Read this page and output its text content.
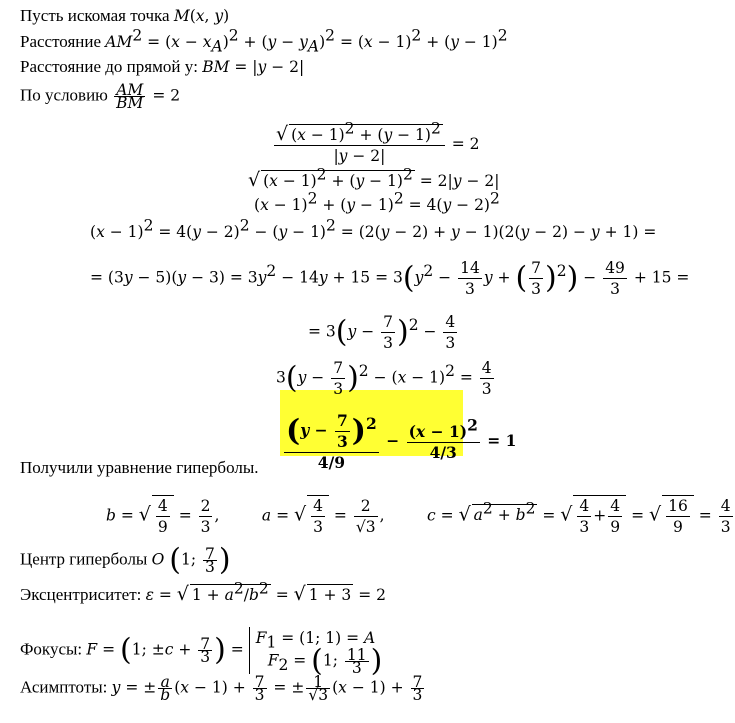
Пусть искомая точка M(x, y)
Расстояние $AM^2 = (x - x_A)^2 + (y - y_A)^2 = (x - 1)^2 + (y - 1)^2$
Расстояние до прямой y: BM = |y − 2|
По условию $\frac{AM}{BM} = 2$
$\frac{√ (x - 1)^2 + (y - 1)^2}{|y - 2|} = 2$
√ $(x - 1)^2 + (y - 1)^2 = 2|y - 2|$
$(x - 1)^2 + (y - 1)^2 = 4(y - 2)^2$
$(x - 1)^2 = 4(y - 2)^2 - (y - 1)^2 = (2(y - 2) + y - 1)(2(y - 2) - y + 1)$ =
= $(3y - 5)(y - 3) = 3y^2 - 14y + 15 = 3(y^2 - \frac{14}{3}$ y + ( $\frac{7}{3} )^2) - \frac{49}{3} + 15$ =
= $3(y - \frac{7}{3} )^2 - \frac{4}{3}$
$3(y - \frac{7}{3} )^2 - (x - 1)^2 = \frac{4}{3}$
$\frac{(y - \frac{7}{3} )^2}{4/9} - \frac{(x - 1)^2}{4/3} = 1$
Получили уравнение гиперболы.
b = √ $\frac{4}{9} = \frac{2}{3}$ ,	a = √ $\frac{4}{3} = \frac{2}{√3}$ ,	c = √ $a^2 + b^2$ = √ $\frac{4}{3} + \frac{4}{9}$ = √ $\frac{16}{9} = \frac{4}{3}$
Центр гиперболы O (1; $\frac{7}{3}$ )
Эксцентриситет: ε = √ $1 + a^2/b^2$ = √ 1 + 3 = 2
Фокусы: F = (1; $\pm c + \frac{7}{3}$ ) =
$F_1 = (1$; 1) = A
$F_2 = (1$; $\frac{11}{3}$ )
Асимптоты: y = ± $\frac{a}{b} (x - 1) + \frac{7}{3}$ = ± $\frac{1}{√3} (x - 1) + \frac{7}{3}$
